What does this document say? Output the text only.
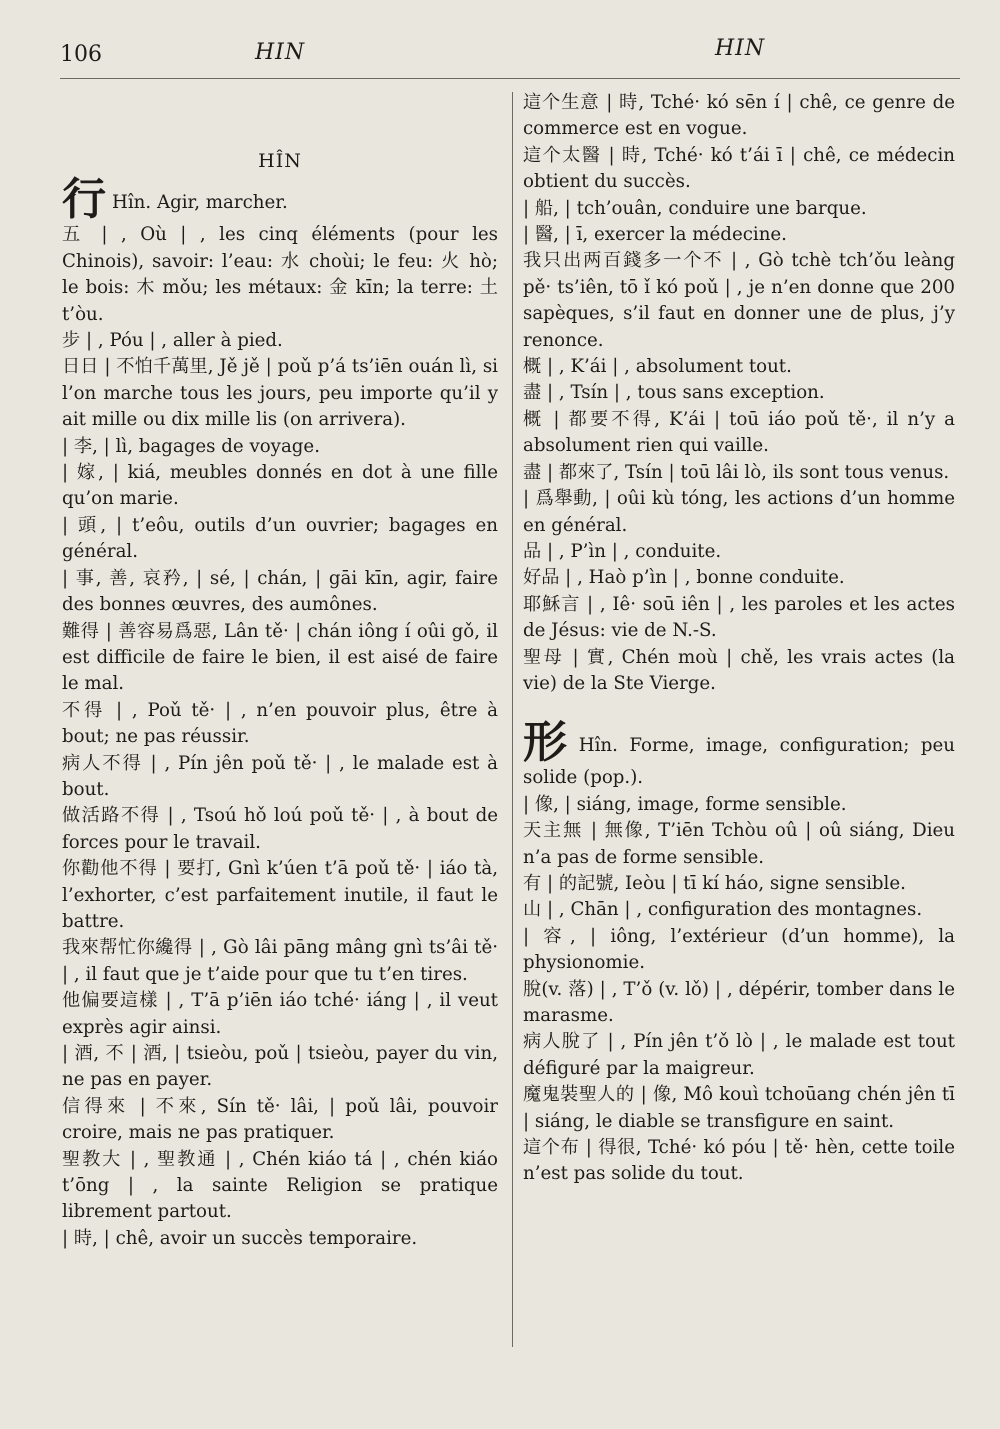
106	HIN	HIN
HÎN

行 Hîn. Agir, marcher.

五 | , Où | , les cinq éléments (pour les Chinois), savoir: l’eau: 水 choùi; le feu: 火 hò; le bois: 木 mǒu; les métaux: 金 kīn; la terre: 土 t’òu.

步 | , Póu | , aller à pied.

日日 | 不怕千萬里, Jě jě | poǔ p’á ts’iēn ouán lì, si l’on marche tous les jours, peu importe qu’il y ait mille ou dix mille lis (on arrivera).

| 李, | lì, bagages de voyage.

| 嫁, | kiá, meubles donnés en dot à une fille qu’on marie.

| 頭, | t’eôu, outils d’un ouvrier; bagages en général.

| 事, 善, 哀矜, | sé, | chán, | gāi kīn, agir, faire des bonnes œuvres, des aumônes.

難得 | 善容易爲惡, Lân tě· | chán iông í oûi gǒ, il est difficile de faire le bien, il est aisé de faire le mal.

不得 | , Poǔ tě· | , n’en pouvoir plus, être à bout; ne pas réussir.

病人不得 | , Pín jên poǔ tě· | , le malade est à bout.

做活路不得 | , Tsoú hǒ loú poǔ tě· | , à bout de forces pour le travail.

你勸他不得 | 要打, Gnì k’úen t’ā poǔ tě· | iáo tà, l’exhorter, c’est parfaitement inutile, il faut le battre.

我來帮忙你纔得 | , Gò lâi pāng mâng gnì ts’âi tě· | , il faut que je t’aide pour que tu t’en tires.

他偏要這樣 | , T’ā p’iēn iáo tché· iáng | , il veut exprès agir ainsi.

| 酒, 不 | 酒, | tsieòu, poǔ | tsieòu, payer du vin, ne pas en payer.

信得來 | 不來, Sín tě· lâi, | poǔ lâi, pouvoir croire, mais ne pas pratiquer.

聖教大 | , 聖教通 | , Chén kiáo tá | , chén kiáo t’ōng | , la sainte Religion se pratique librement partout.

| 時, | chê, avoir un succès temporaire.

這个生意 | 時, Tché· kó sēn í | chê, ce genre de commerce est en vogue.

這个太醫 | 時, Tché· kó t’ái ī | chê, ce médecin obtient du succès.

| 船, | tch’ouân, conduire une barque.

| 醫, | ī, exercer la médecine.

我只出两百錢多一个不 | , Gò tchè tch’ǒu leàng pě· ts’iên, tō ǐ kó poǔ | , je n’en donne que 200 sapèques, s’il faut en donner une de plus, j’y renonce.

概 | , K’ái | , absolument tout.

盡 | , Tsín | , tous sans exception.

概 | 都要不得, K’ái | toū iáo poǔ tě·, il n’y a absolument rien qui vaille.

盡 | 都來了, Tsín | toū lâi lò, ils sont tous venus.

| 爲舉動, | oûi kù tóng, les actions d’un homme en général.

品 | , P’ìn | , conduite.

好品 | , Haò p’ìn | , bonne conduite.

耶穌言 | , Iê· soū iên | , les paroles et les actes de Jésus: vie de N.-S.

聖母 | 實, Chén moù | chě, les vrais actes (la vie) de la Ste Vierge.

形 Hîn. Forme, image, configuration; peu solide (pop.).

| 像, | siáng, image, forme sensible.

天主無 | 無像, T’iēn Tchòu oû | oû siáng, Dieu n’a pas de forme sensible.

有 | 的記號, Ieòu | tī kí háo, signe sensible.

山 | , Chān | , configuration des montagnes.

| 容, | iông, l’extérieur (d’un homme), la physionomie.

脫(v. 落) | , T’ǒ (v. lǒ) | , dépérir, tomber dans le marasme.

病人脫了 | , Pín jên t’ǒ lò | , le malade est tout défiguré par la maigreur.

魔鬼裝聖人的 | 像, Mô kouì tchoūang chén jên tī | siáng, le diable se transfigure en saint.

這个布 | 得很, Tché· kó póu | tě· hèn, cette toile n’est pas solide du tout.
